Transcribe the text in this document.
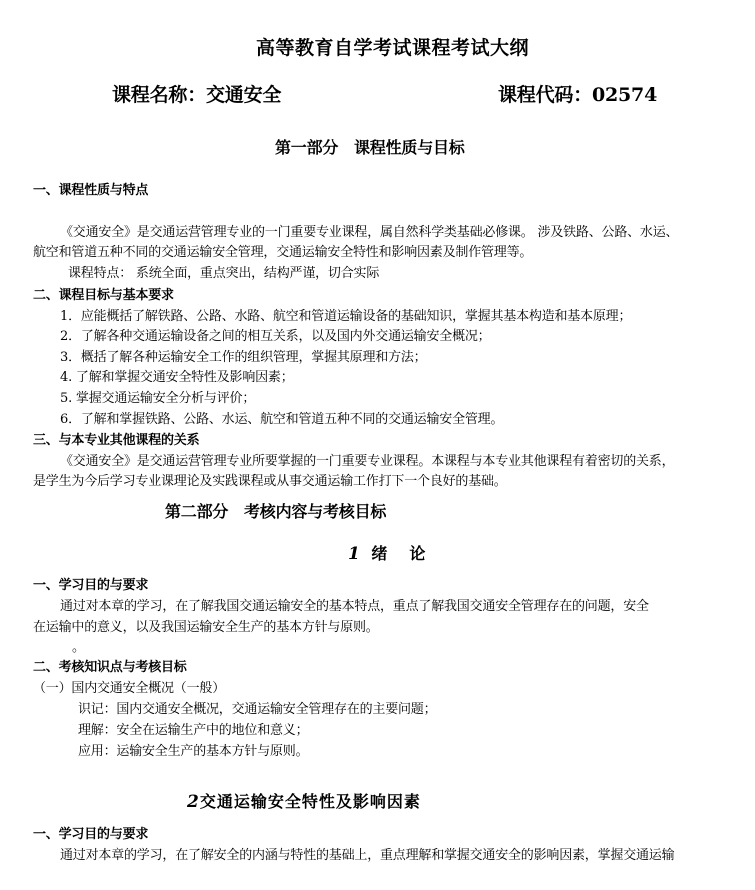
高等教育自学考试课程考试大纲
课程名称：交通安全	课程代码：02574
第一部分　课程性质与目标
一、课程性质与特点
《交通安全》是交通运营管理专业的一门重要专业课程，属自然科学类基础必修课。 涉及铁路、公路、水运、
航空和管道五种不同的交通运输安全管理，交通运输安全特性和影响因素及制作管理等。
课程特点： 系统全面，重点突出，结构严谨，切合实际
二、课程目标与基本要求
1．应能概括了解铁路、公路、水路、航空和管道运输设备的基础知识，掌握其基本构造和基本原理；
2．了解各种交通运输设备之间的相互关系，以及国内外交通运输安全概况；
3．概括了解各种运输安全工作的组织管理，掌握其原理和方法；
4. 了解和掌握交通安全特性及影响因素；
5. 掌握交通运输安全分析与评价；
6．了解和掌握铁路、公路、水运、航空和管道五种不同的交通运输安全管理。
三、与本专业其他课程的关系
《交通安全》是交通运营管理专业所要掌握的一门重要专业课程。本课程与本专业其他课程有着密切的关系，
是学生为今后学习专业课理论及实践课程或从事交通运输工作打下一个良好的基础。
第二部分　考核内容与考核目标
1 绪　论
一、学习目的与要求
通过对本章的学习，在了解我国交通运输安全的基本特点，重点了解我国交通安全管理存在的问题，安全
在运输中的意义，以及我国运输安全生产的基本方针与原则。
。
二、考核知识点与考核目标
（一）国内交通安全概况（一般）
识记：国内交通安全概况，交通运输安全管理存在的主要问题；
理解：安全在运输生产中的地位和意义；
应用：运输安全生产的基本方针与原则。
2交通运输安全特性及影响因素
一、学习目的与要求
通过对本章的学习，在了解安全的内涵与特性的基础上，重点理解和掌握交通安全的影响因素，掌握交通运输
